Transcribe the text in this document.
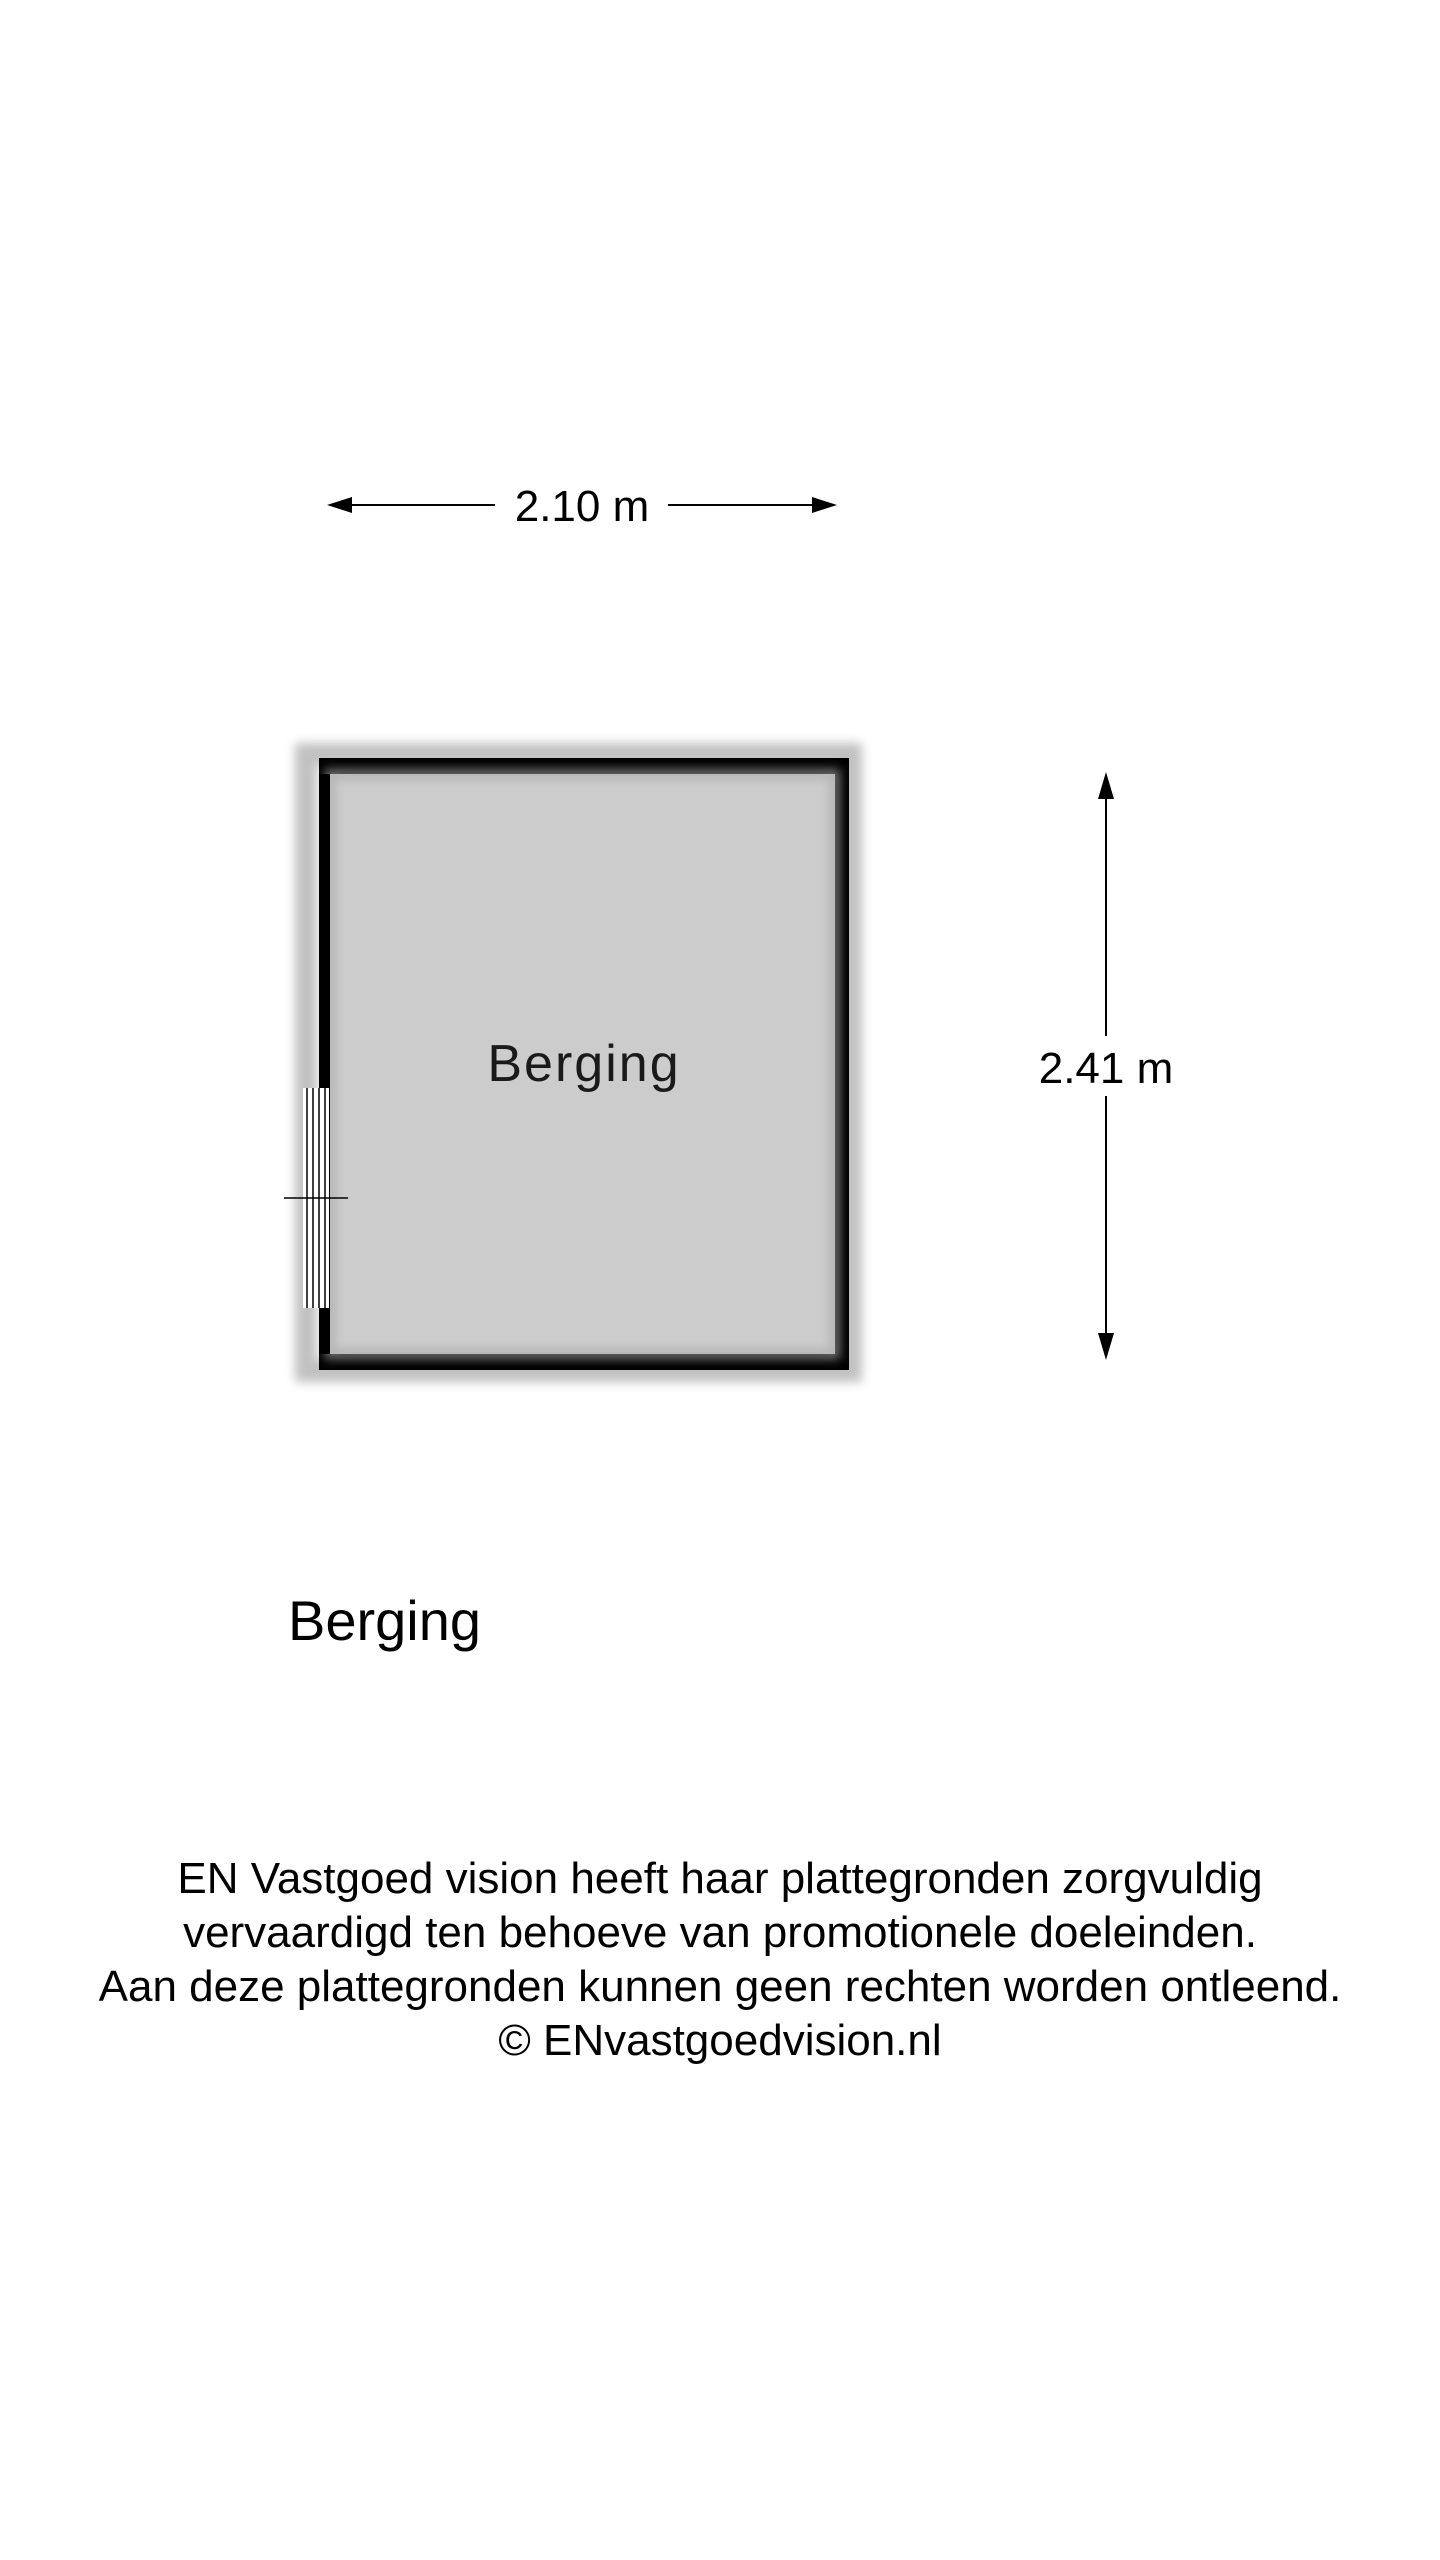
2.10 m
Berging	2.41 m
Berging
EN Vastgoed vision heeft haar plattegronden zorgvuldig
vervaardigd ten behoeve van promotionele doeleinden.
Aan deze plattegronden kunnen geen rechten worden ontleend.
© ENvastgoedvision.nl
